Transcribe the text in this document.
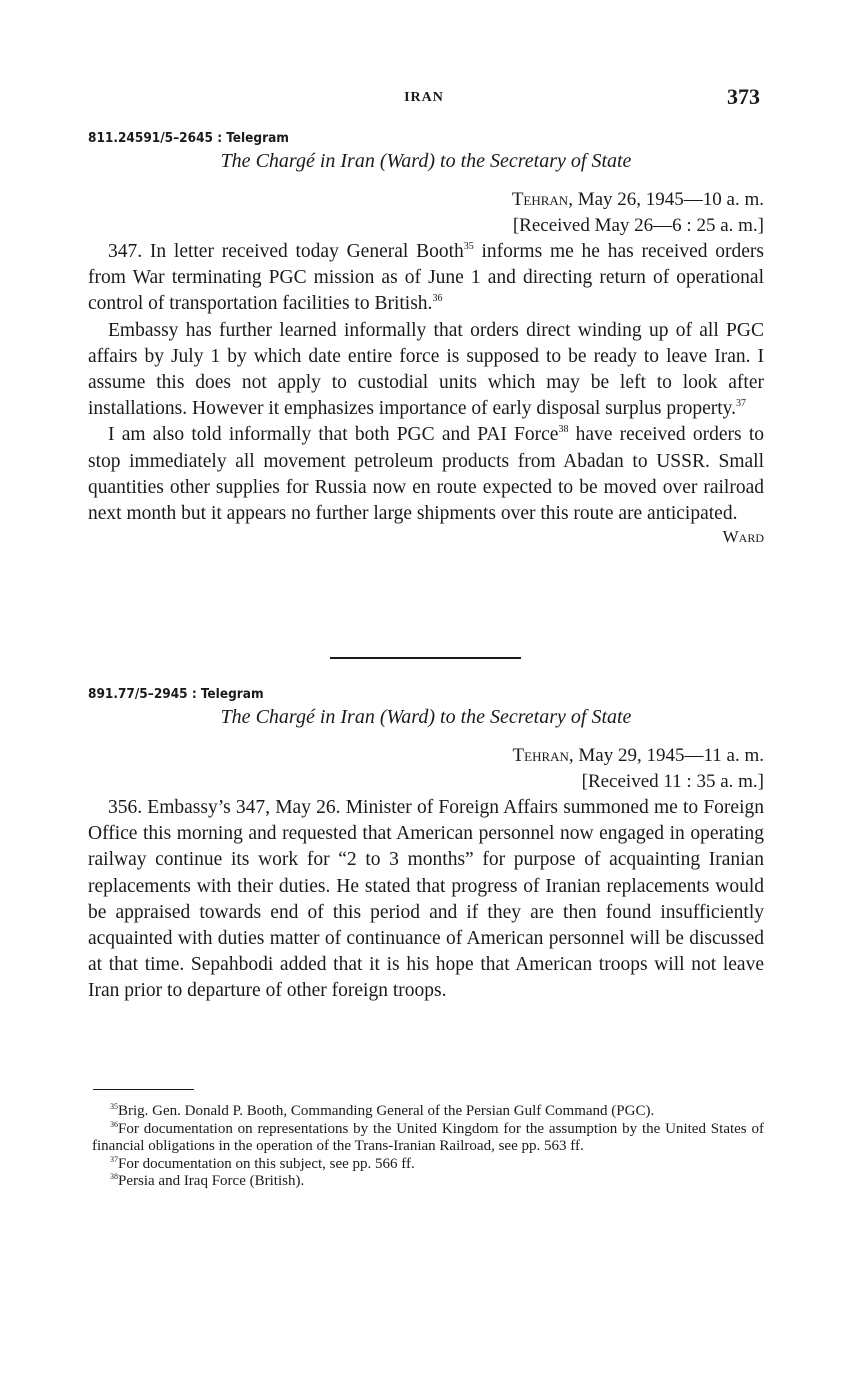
IRAN	373
811.24591/5–2645 : Telegram
The Chargé in Iran (Ward) to the Secretary of State
Tehran, May 26, 1945—10 a. m.
[Received May 26—6 : 25 a. m.]

347. In letter received today General Booth$^{35}$ informs me he has received orders from War terminating PGC mission as of June 1 and directing return of operational control of transportation facilities to British.$^{36}$

Embassy has further learned informally that orders direct winding up of all PGC affairs by July 1 by which date entire force is supposed to be ready to leave Iran. I assume this does not apply to custodial units which may be left to look after installations. However it emphasizes importance of early disposal surplus property.$^{37}$

I am also told informally that both PGC and PAI Force$^{38}$ have received orders to stop immediately all movement petroleum products from Abadan to USSR. Small quantities other supplies for Russia now en route expected to be moved over railroad next month but it appears no further large shipments over this route are anticipated.

Ward
891.77/5–2945 : Telegram
The Chargé in Iran (Ward) to the Secretary of State
Tehran, May 29, 1945—11 a. m.
[Received 11 : 35 a. m.]

356. Embassy’s 347, May 26. Minister of Foreign Affairs summoned me to Foreign Office this morning and requested that American personnel now engaged in operating railway continue its work for “2 to 3 months” for purpose of acquainting Iranian replacements with their duties. He stated that progress of Iranian replacements would be appraised towards end of this period and if they are then found insufficiently acquainted with duties matter of continuance of American personnel will be discussed at that time. Sepahbodi added that it is his hope that American troops will not leave Iran prior to departure of other foreign troops.

$^{35}$Brig. Gen. Donald P. Booth, Commanding General of the Persian Gulf Command (PGC).

$^{36}$For documentation on representations by the United Kingdom for the assumption by the United States of financial obligations in the operation of the Trans-Iranian Railroad, see pp. 563 ff.

$^{37}$For documentation on this subject, see pp. 566 ff.

$^{38}$Persia and Iraq Force (British).
